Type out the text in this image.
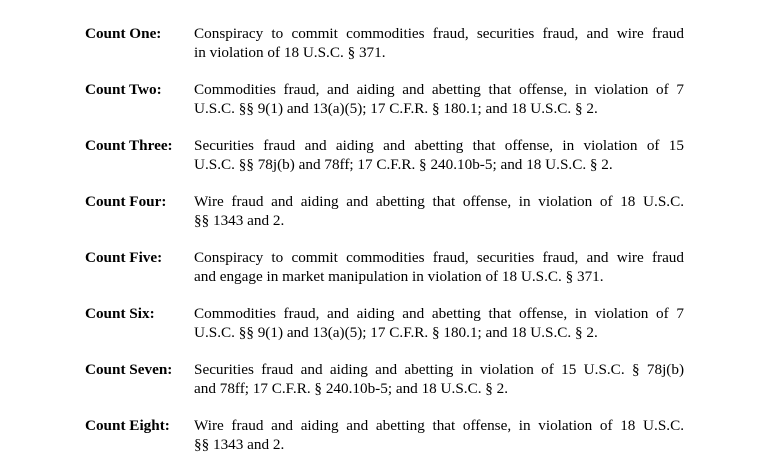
Count One: Conspiracy to commit commodities fraud, securities fraud, and wire fraud
in violation of 18 U.S.C. § 371.
Count Two: Commodities fraud, and aiding and abetting that offense, in violation of 7
U.S.C. §§ 9(1) and 13(a)(5); 17 C.F.R. § 180.1; and 18 U.S.C. § 2.
Count Three: Securities fraud and aiding and abetting that offense, in violation of 15
U.S.C. §§ 78j(b) and 78ff; 17 C.F.R. § 240.10b-5; and 18 U.S.C. § 2.
Count Four: Wire fraud and aiding and abetting that offense, in violation of 18 U.S.C.
§§ 1343 and 2.
Count Five: Conspiracy to commit commodities fraud, securities fraud, and wire fraud
and engage in market manipulation in violation of 18 U.S.C. § 371.
Count Six:	Commodities fraud, and aiding and abetting that offense, in violation of 7
U.S.C. §§ 9(1) and 13(a)(5); 17 C.F.R. § 180.1; and 18 U.S.C. § 2.
Count Seven: Securities fraud and aiding and abetting in violation of 15 U.S.C. § 78j(b)
and 78ff; 17 C.F.R. § 240.10b-5; and 18 U.S.C. § 2.
Count Eight: Wire fraud and aiding and abetting that offense, in violation of 18 U.S.C.
§§ 1343 and 2.
